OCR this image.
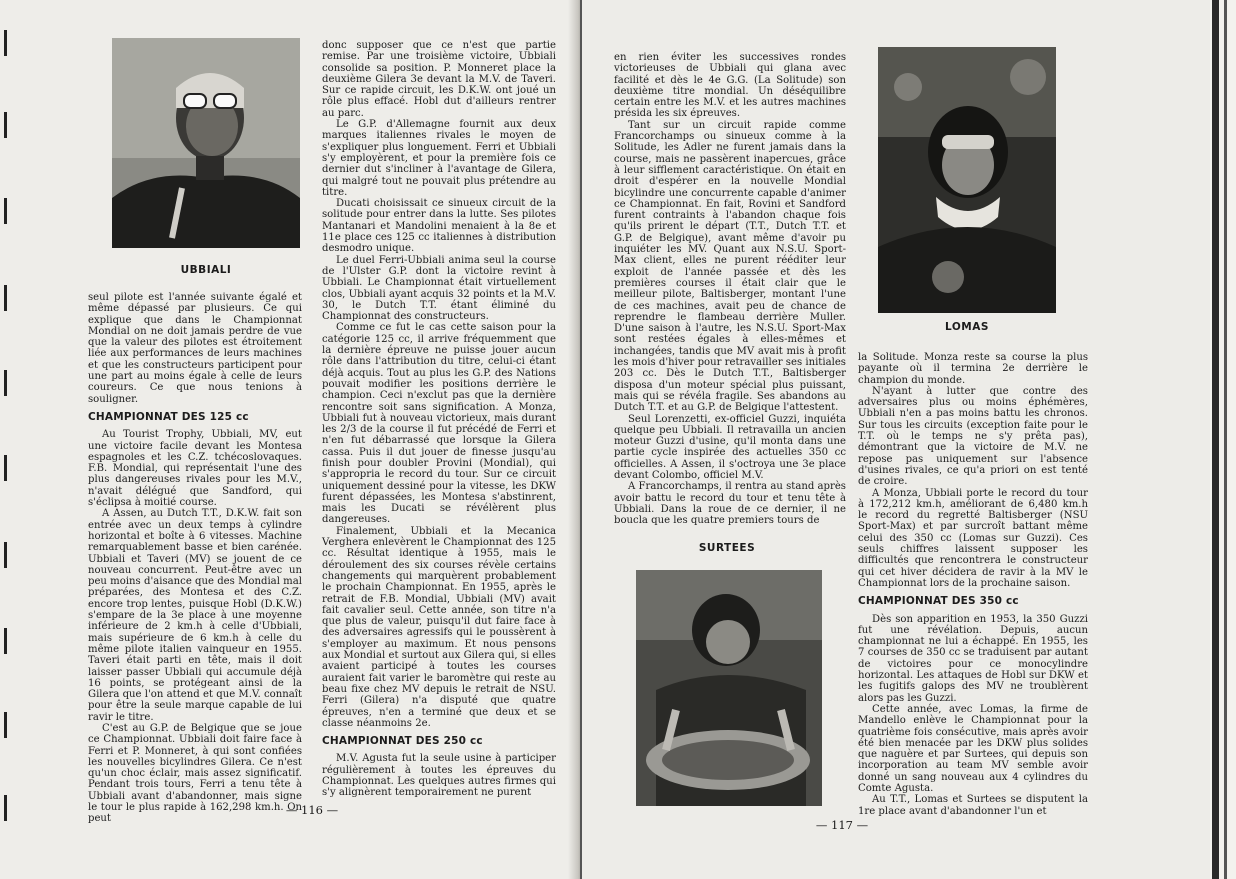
UBBIALI

seul pilote est l'année suivante égalé et même dépassé par plusieurs. Ce qui explique que dans le Championnat Mondial on ne doit jamais perdre de vue que la valeur des pilotes est étroitement liée aux performances de leurs machines et que les constructeurs participent pour une part au moins égale à celle de leurs coureurs. Ce que nous tenions à souligner.

CHAMPIONNAT DES 125 cc

Au Tourist Trophy, Ubbiali, MV, eut une victoire facile devant les Montesa espagnoles et les C.Z. tchécoslovaques. F.B. Mondial, qui représentait l'une des plus dangereuses rivales pour les M.V., n'avait délégué que Sandford, qui s'éclipsa à moitié course.

A Assen, au Dutch T.T., D.K.W. fait son entrée avec un deux temps à cylindre horizontal et boîte à 6 vitesses. Machine remarquablement basse et bien carénée. Ubbiali et Taveri (MV) se jouent de ce nouveau concurrent. Peut-être avec un peu moins d'aisance que des Mondial mal préparées, des Montesa et des C.Z. encore trop lentes, puisque Hobl (D.K.W.) s'empare de la 3e place à une moyenne inférieure de 2 km.h à celle d'Ubbiali, mais supérieure de 6 km.h à celle du même pilote italien vainqueur en 1955. Taveri était parti en tête, mais il doit laisser passer Ubbiali qui accumule déjà 16 points, se protégeant ainsi de la Gilera que l'on attend et que M.V. connaît pour être la seule marque capable de lui ravir le titre.

C'est au G.P. de Belgique que se joue ce Championnat. Ubbiali doit faire face à Ferri et P. Monneret, à qui sont confiées les nouvelles bicylindres Gilera. Ce n'est qu'un choc éclair, mais assez significatif. Pendant trois tours, Ferri a tenu tête à Ubbiali avant d'abandonner, mais signe le tour le plus rapide à 162,298 km.h. On peut

donc supposer que ce n'est que partie remise. Par une troisième victoire, Ubbiali consolide sa position. P. Monneret place la deuxième Gilera 3e devant la M.V. de Taveri. Sur ce rapide circuit, les D.K.W. ont joué un rôle plus effacé. Hobl dut d'ailleurs rentrer au parc.

Le G.P. d'Allemagne fournit aux deux marques italiennes rivales le moyen de s'expliquer plus longuement. Ferri et Ubbiali s'y employèrent, et pour la première fois ce dernier dut s'incliner à l'avantage de Gilera, qui malgré tout ne pouvait plus prétendre au titre.

Ducati choisissait ce sinueux circuit de la solitude pour entrer dans la lutte. Ses pilotes Mantanari et Mandolini menaient à la 8e et 11e place ces 125 cc italiennes à distribution desmodro unique.

Le duel Ferri-Ubbiali anima seul la course de l'Ulster G.P. dont la victoire revint à Ubbiali. Le Championnat était virtuellement clos, Ubbiali ayant acquis 32 points et la M.V. 30, le Dutch T.T. étant éliminé du Championnat des constructeurs.

Comme ce fut le cas cette saison pour la catégorie 125 cc, il arrive fréquemment que la dernière épreuve ne puisse jouer aucun rôle dans l'attribution du titre, celui-ci étant déjà acquis. Tout au plus les G.P. des Nations pouvait modifier les positions derrière le champion. Ceci n'exclut pas que la dernière rencontre soit sans signification. A Monza, Ubbiali fut à nouveau victorieux, mais durant les 2/3 de la course il fut précédé de Ferri et n'en fut débarrassé que lorsque la Gilera cassa. Puis il dut jouer de finesse jusqu'au finish pour doubler Provini (Mondial), qui s'appropria le record du tour. Sur ce circuit uniquement dessiné pour la vitesse, les DKW furent dépassées, les Montesa s'abstinrent, mais les Ducati se révélèrent plus dangereuses.

Finalement, Ubbiali et la Mecanica Verghera enlevèrent le Championnat des 125 cc. Résultat identique à 1955, mais le déroulement des six courses révèle certains changements qui marquèrent probablement le prochain Championnat. En 1955, après le retrait de F.B. Mondial, Ubbiali (MV) avait fait cavalier seul. Cette année, son titre n'a que plus de valeur, puisqu'il dut faire face à des adversaires agressifs qui le poussèrent à s'employer au maximum. Et nous pensons aux Mondial et surtout aux Gilera qui, si elles avaient participé à toutes les courses auraient fait varier le baromètre qui reste au beau fixe chez MV depuis le retrait de NSU. Ferri (Gilera) n'a disputé que quatre épreuves, n'en a terminé que deux et se classe néanmoins 2e.

CHAMPIONNAT DES 250 cc

M.V. Agusta fut la seule usine à participer régulièrement à toutes les épreuves du Championnat. Les quelques autres firmes qui s'y alignèrent temporairement ne purent

— 116 —

en rien éviter les successives rondes victorieuses de Ubbiali qui glana avec facilité et dès le 4e G.G. (La Solitude) son deuxième titre mondial. Un déséquilibre certain entre les M.V. et les autres machines présida les six épreuves.

Tant sur un circuit rapide comme Francorchamps ou sinueux comme à la Solitude, les Adler ne furent jamais dans la course, mais ne passèrent inapercues, grâce à leur sifflement caractéristique. On était en droit d'espérer en la nouvelle Mondial bicylindre une concurrente capable d'animer ce Championnat. En fait, Rovini et Sandford furent contraints à l'abandon chaque fois qu'ils prirent le départ (T.T., Dutch T.T. et G.P. de Belgique), avant même d'avoir pu inquiéter les MV. Quant aux N.S.U. Sport-Max client, elles ne purent rééditer leur exploit de l'année passée et dès les premières courses il était clair que le meilleur pilote, Baltisberger, montant l'une de ces machines, avait peu de chance de reprendre le flambeau derrière Muller. D'une saison à l'autre, les N.S.U. Sport-Max sont restées égales à elles-mêmes et inchangées, tandis que MV avait mis à profit les mois d'hiver pour retravailler ses initiales 203 cc. Dès le Dutch T.T., Baltisberger disposa d'un moteur spécial plus puissant, mais qui se révéla fragile. Ses abandons au Dutch T.T. et au G.P. de Belgique l'attestent.

Seul Lorenzetti, ex-officiel Guzzi, inquiéta quelque peu Ubbiali. Il retravailla un ancien moteur Guzzi d'usine, qu'il monta dans une partie cycle inspirée des actuelles 350 cc officielles. A Assen, il s'octroya une 3e place devant Colombo, officiel M.V.

A Francorchamps, il rentra au stand après avoir battu le record du tour et tenu tête à Ubbiali. Dans la roue de ce dernier, il ne boucla que les quatre premiers tours de

SURTEES
LOMAS

la Solitude. Monza reste sa course la plus payante où il termina 2e derrière le champion du monde.

N'ayant à lutter que contre des adversaires plus ou moins éphémères, Ubbiali n'en a pas moins battu les chronos. Sur tous les circuits (exception faite pour le T.T. où le temps ne s'y prêta pas), démontrant que la victoire de M.V. ne repose pas uniquement sur l'absence d'usines rivales, ce qu'a priori on est tenté de croire.

A Monza, Ubbiali porte le record du tour à 172,212 km.h, améliorant de 6,480 km.h le record du regretté Baltisberger (NSU Sport-Max) et par surcroît battant même celui des 350 cc (Lomas sur Guzzi). Ces seuls chiffres laissent supposer les difficultés que rencontrera le constructeur qui cet hiver décidera de ravir à la MV le Championnat lors de la prochaine saison.

CHAMPIONNAT DES 350 cc

Dès son apparition en 1953, la 350 Guzzi fut une révélation. Depuis, aucun championnat ne lui a échappé. En 1955, les 7 courses de 350 cc se traduisent par autant de victoires pour ce monocylindre horizontal. Les attaques de Hobl sur DKW et les fugitifs galops des MV ne troublèrent alors pas les Guzzi.

Cette année, avec Lomas, la firme de Mandello enlève le Championnat pour la quatrième fois consécutive, mais après avoir été bien menacée par les DKW plus solides que naguère et par Surtees, qui depuis son incorporation au team MV semble avoir donné un sang nouveau aux 4 cylindres du Comte Agusta.

Au T.T., Lomas et Surtees se disputent la 1re place avant d'abandonner l'un et

— 117 —
